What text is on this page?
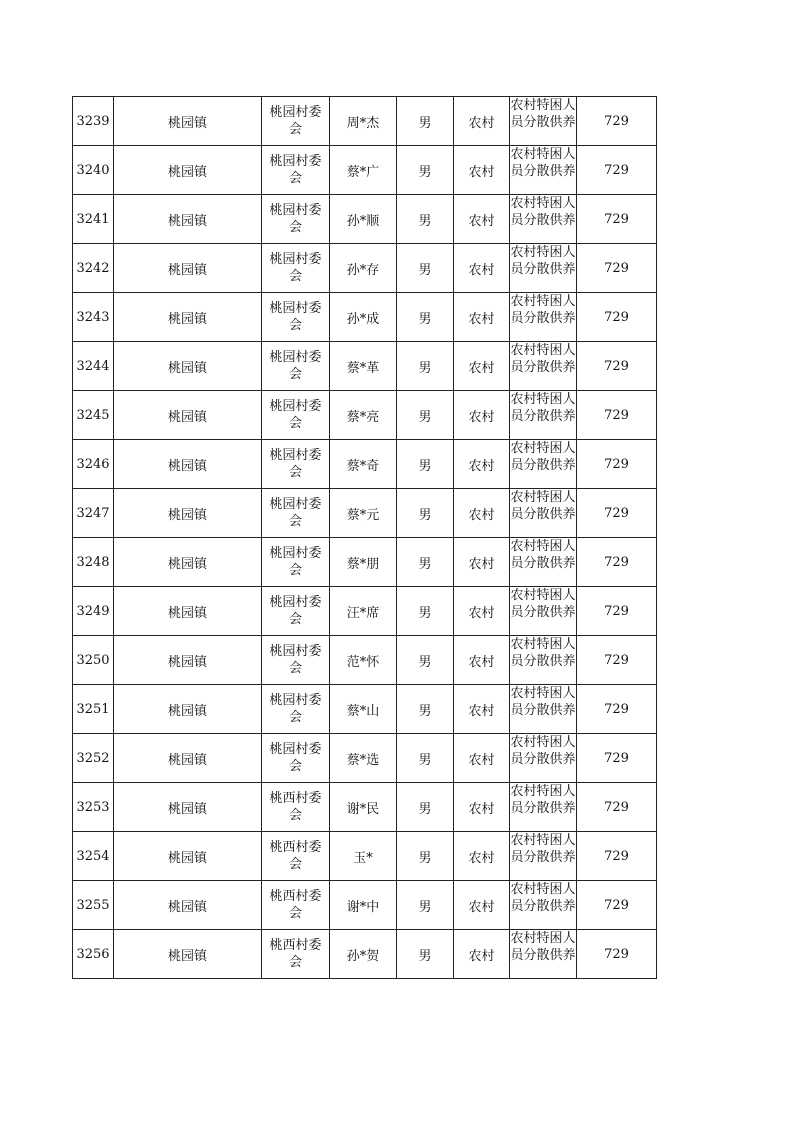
3239	桃园镇	桃园村委会	周*杰	男	农村	农村特困人员分散供养	729
3240	桃园镇	桃园村委会	蔡*广	男	农村	农村特困人员分散供养	729
3241	桃园镇	桃园村委会	孙*顺	男	农村	农村特困人员分散供养	729
3242	桃园镇	桃园村委会	孙*存	男	农村	农村特困人员分散供养	729
3243	桃园镇	桃园村委会	孙*成	男	农村	农村特困人员分散供养	729
3244	桃园镇	桃园村委会	蔡*革	男	农村	农村特困人员分散供养	729
3245	桃园镇	桃园村委会	蔡*亮	男	农村	农村特困人员分散供养	729
3246	桃园镇	桃园村委会	蔡*奇	男	农村	农村特困人员分散供养	729
3247	桃园镇	桃园村委会	蔡*元	男	农村	农村特困人员分散供养	729
3248	桃园镇	桃园村委会	蔡*朋	男	农村	农村特困人员分散供养	729
3249	桃园镇	桃园村委会	汪*席	男	农村	农村特困人员分散供养	729
3250	桃园镇	桃园村委会	范*怀	男	农村	农村特困人员分散供养	729
3251	桃园镇	桃园村委会	蔡*山	男	农村	农村特困人员分散供养	729
3252	桃园镇	桃园村委会	蔡*选	男	农村	农村特困人员分散供养	729
3253	桃园镇	桃西村委会	谢*民	男	农村	农村特困人员分散供养	729
3254	桃园镇	桃西村委会	玉*	男	农村	农村特困人员分散供养	729
3255	桃园镇	桃西村委会	谢*中	男	农村	农村特困人员分散供养	729
3256	桃园镇	桃西村委会	孙*贺	男	农村	农村特困人员分散供养	729
